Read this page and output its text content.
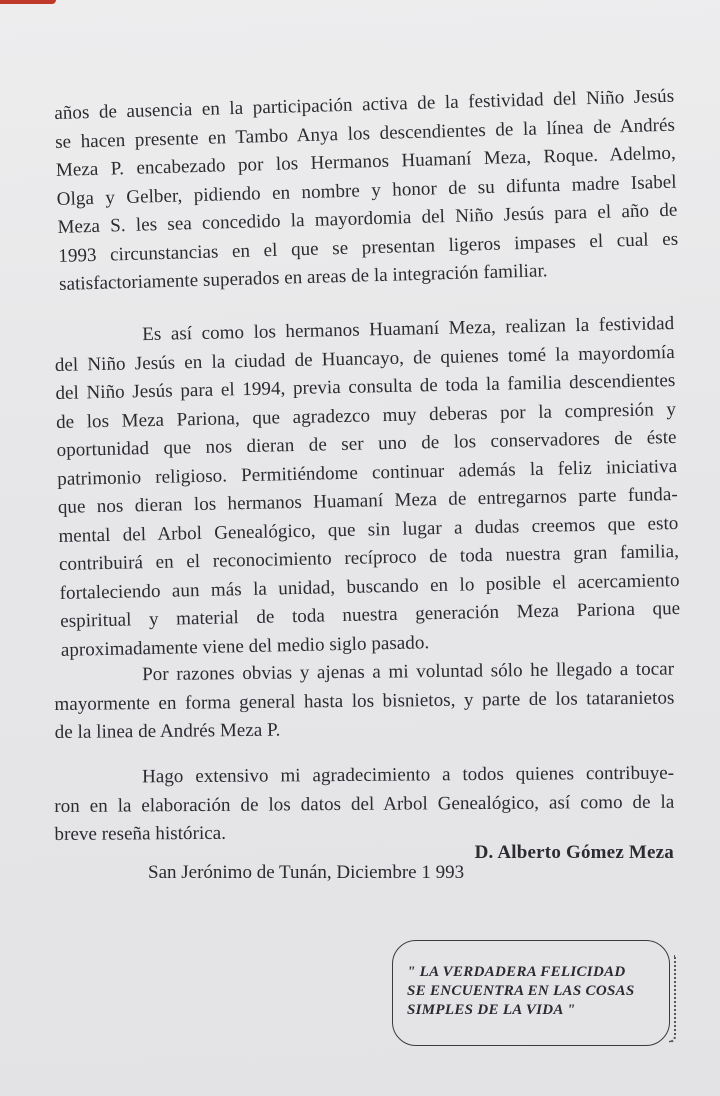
años de ausencia en la participación activa de la festividad del Niño Jesús
se hacen presente en Tambo Anya los descendientes de la línea de Andrés
Meza P. encabezado por los Hermanos Huamaní Meza, Roque. Adelmo,
Olga y Gelber, pidiendo en nombre y honor de su difunta madre Isabel
Meza S. les sea concedido la mayordomia del Niño Jesús para el año de
1993 circunstancias en el que se presentan ligeros impases el cual es
satisfactoriamente superados en areas de la integración familiar.
Es así como los hermanos Huamaní Meza, realizan la festividad
del Niño Jesús en la ciudad de Huancayo, de quienes tomé la mayordomía
del Niño Jesús para el 1994, previa consulta de toda la familia descendientes
de los Meza Pariona, que agradezco muy deberas por la compresión y
oportunidad que nos dieran de ser uno de los conservadores de éste
patrimonio religioso. Permitiéndome continuar además la feliz iniciativa
que nos dieran los hermanos Huamaní Meza de entregarnos parte funda-
mental del Arbol Genealógico, que sin lugar a dudas creemos que esto
contribuirá en el reconocimiento recíproco de toda nuestra gran familia,
fortaleciendo aun más la unidad, buscando en lo posible el acercamiento
espiritual y material de toda nuestra generación Meza Pariona que
aproximadamente viene del medio siglo pasado.
Por razones obvias y ajenas a mi voluntad sólo he llegado a tocar
mayormente en forma general hasta los bisnietos, y parte de los tataranietos
de la linea de Andrés Meza P.
Hago extensivo mi agradecimiento a todos quienes contribuye-
ron en la elaboración de los datos del Arbol Genealógico, así como de la
breve reseña histórica.
D. Alberto Gómez Meza
San Jerónimo de Tunán, Diciembre 1 993
" LA VERDADERA FELICIDAD
SE ENCUENTRA EN LAS COSAS
SIMPLES DE LA VIDA "
